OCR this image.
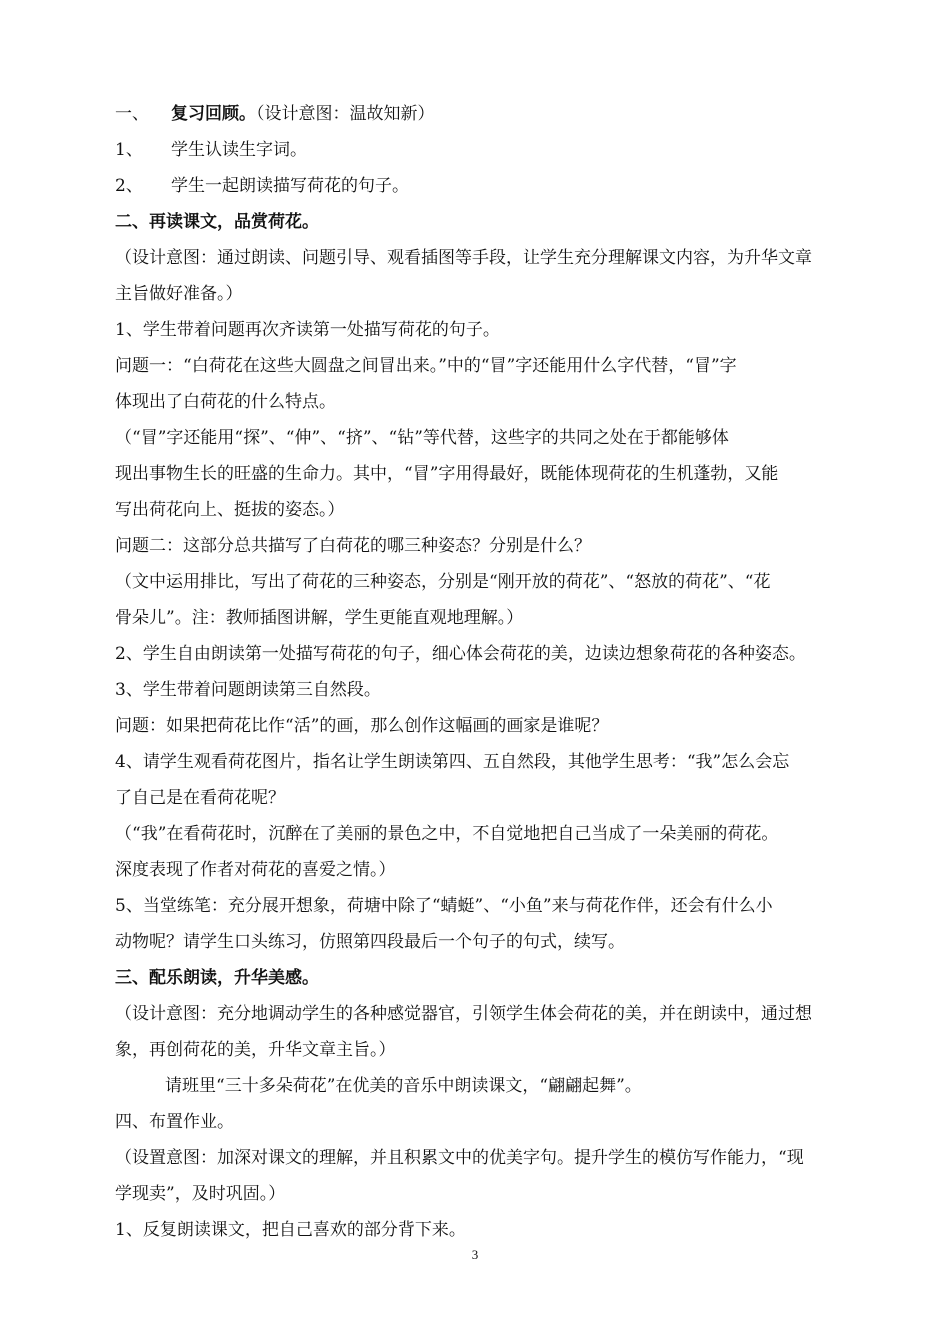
一、 复习回顾。（设计意图：温故知新）
1、 学生认读生字词。
2、 学生一起朗读描写荷花的句子。
二、再读课文，品赏荷花。
（设计意图：通过朗读、问题引导、观看插图等手段，让学生充分理解课文内容，为升华文章
主旨做好准备。）
1、学生带着问题再次齐读第一处描写荷花的句子。
问题一：“白荷花在这些大圆盘之间冒出来。”中的“冒”字还能用什么字代替，“冒”字
体现出了白荷花的什么特点。
（“冒”字还能用“探”、“伸”、“挤”、“钻”等代替，这些字的共同之处在于都能够体
现出事物生长的旺盛的生命力。其中，“冒”字用得最好，既能体现荷花的生机蓬勃，又能
写出荷花向上、挺拔的姿态。）
问题二：这部分总共描写了白荷花的哪三种姿态？分别是什么？
（文中运用排比，写出了荷花的三种姿态，分别是“刚开放的荷花”、“怒放的荷花”、“花
骨朵儿”。注：教师插图讲解，学生更能直观地理解。）
2、学生自由朗读第一处描写荷花的句子，细心体会荷花的美，边读边想象荷花的各种姿态。
3、学生带着问题朗读第三自然段。
问题：如果把荷花比作“活”的画，那么创作这幅画的画家是谁呢？
4、请学生观看荷花图片，指名让学生朗读第四、五自然段，其他学生思考：“我”怎么会忘
了自己是在看荷花呢？
（“我”在看荷花时，沉醉在了美丽的景色之中，不自觉地把自己当成了一朵美丽的荷花。
深度表现了作者对荷花的喜爱之情。）
5、当堂练笔：充分展开想象，荷塘中除了“蜻蜓”、“小鱼”来与荷花作伴，还会有什么小
动物呢？请学生口头练习，仿照第四段最后一个句子的句式，续写。
三、配乐朗读，升华美感。
（设计意图：充分地调动学生的各种感觉器官，引领学生体会荷花的美，并在朗读中，通过想
象，再创荷花的美，升华文章主旨。）
请班里“三十多朵荷花”在优美的音乐中朗读课文，“翩翩起舞”。
四、布置作业。
（设置意图：加深对课文的理解，并且积累文中的优美字句。提升学生的模仿写作能力，“现
学现卖”，及时巩固。）
1、反复朗读课文，把自己喜欢的部分背下来。
3
